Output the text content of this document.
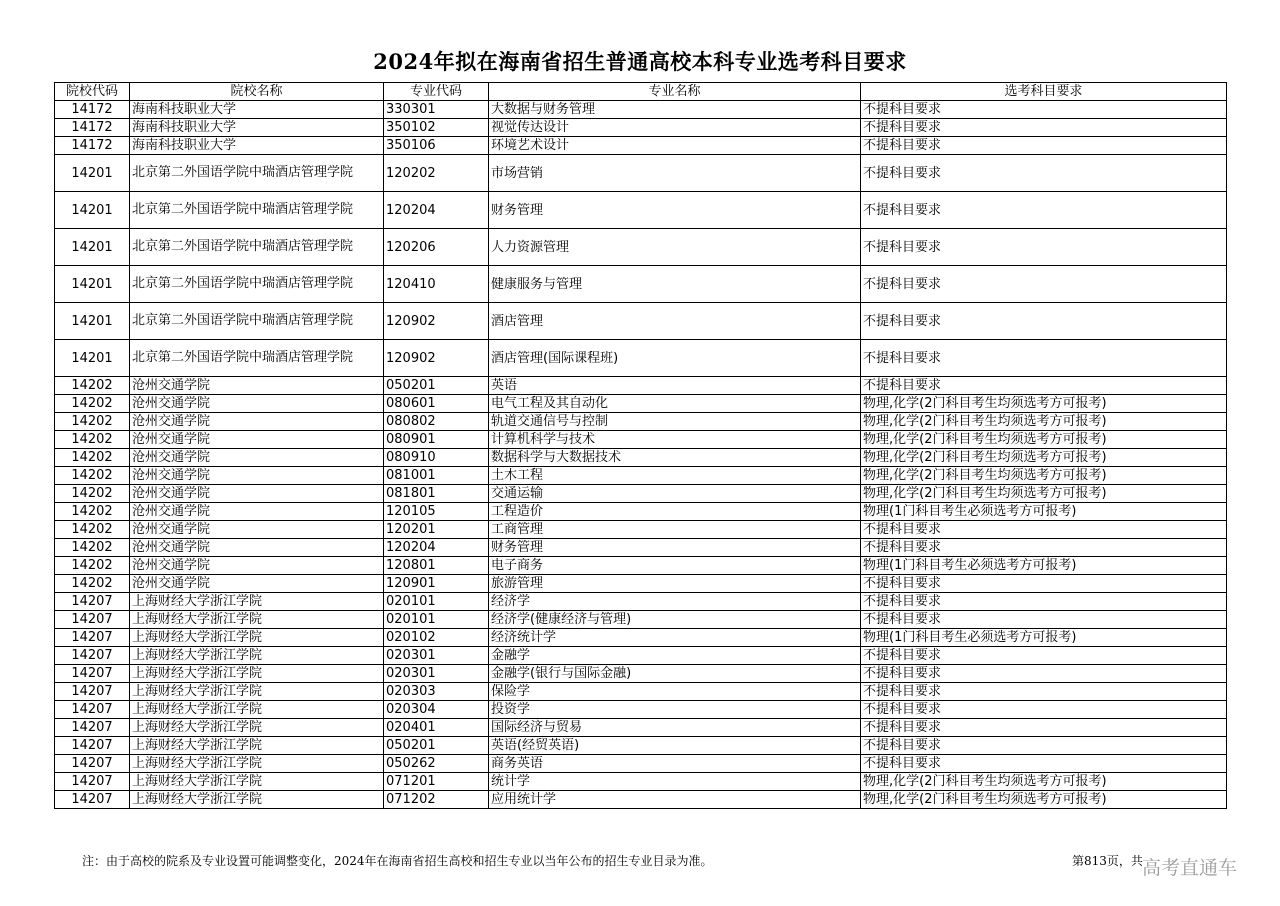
2024年拟在海南省招生普通高校本科专业选考科目要求
院校代码	院校名称	专业代码	专业名称	选考科目要求
14172	海南科技职业大学	330301	大数据与财务管理	不提科目要求
14172	海南科技职业大学	350102	视觉传达设计	不提科目要求
14172	海南科技职业大学	350106	环境艺术设计	不提科目要求
14201	北京第二外国语学院中瑞酒店管理学院	120202	市场营销	不提科目要求
14201	北京第二外国语学院中瑞酒店管理学院	120204	财务管理	不提科目要求
14201	北京第二外国语学院中瑞酒店管理学院	120206	人力资源管理	不提科目要求
14201	北京第二外国语学院中瑞酒店管理学院	120410	健康服务与管理	不提科目要求
14201	北京第二外国语学院中瑞酒店管理学院	120902	酒店管理	不提科目要求
14201	北京第二外国语学院中瑞酒店管理学院	120902	酒店管理(国际课程班)	不提科目要求
14202	沧州交通学院	050201	英语	不提科目要求
14202	沧州交通学院	080601	电气工程及其自动化	物理,化学(2门科目考生均须选考方可报考)
14202	沧州交通学院	080802	轨道交通信号与控制	物理,化学(2门科目考生均须选考方可报考)
14202	沧州交通学院	080901	计算机科学与技术	物理,化学(2门科目考生均须选考方可报考)
14202	沧州交通学院	080910	数据科学与大数据技术	物理,化学(2门科目考生均须选考方可报考)
14202	沧州交通学院	081001	土木工程	物理,化学(2门科目考生均须选考方可报考)
14202	沧州交通学院	081801	交通运输	物理,化学(2门科目考生均须选考方可报考)
14202	沧州交通学院	120105	工程造价	物理(1门科目考生必须选考方可报考)
14202	沧州交通学院	120201	工商管理	不提科目要求
14202	沧州交通学院	120204	财务管理	不提科目要求
14202	沧州交通学院	120801	电子商务	物理(1门科目考生必须选考方可报考)
14202	沧州交通学院	120901	旅游管理	不提科目要求
14207	上海财经大学浙江学院	020101	经济学	不提科目要求
14207	上海财经大学浙江学院	020101	经济学(健康经济与管理)	不提科目要求
14207	上海财经大学浙江学院	020102	经济统计学	物理(1门科目考生必须选考方可报考)
14207	上海财经大学浙江学院	020301	金融学	不提科目要求
14207	上海财经大学浙江学院	020301	金融学(银行与国际金融)	不提科目要求
14207	上海财经大学浙江学院	020303	保险学	不提科目要求
14207	上海财经大学浙江学院	020304	投资学	不提科目要求
14207	上海财经大学浙江学院	020401	国际经济与贸易	不提科目要求
14207	上海财经大学浙江学院	050201	英语(经贸英语)	不提科目要求
14207	上海财经大学浙江学院	050262	商务英语	不提科目要求
14207	上海财经大学浙江学院	071201	统计学	物理,化学(2门科目考生均须选考方可报考)
14207	上海财经大学浙江学院	071202	应用统计学	物理,化学(2门科目考生均须选考方可报考)
注：由于高校的院系及专业设置可能调整变化，2024年在海南省招生高校和招生专业以当年公布的招生专业目录为准。	第813页，共 高考直通车
